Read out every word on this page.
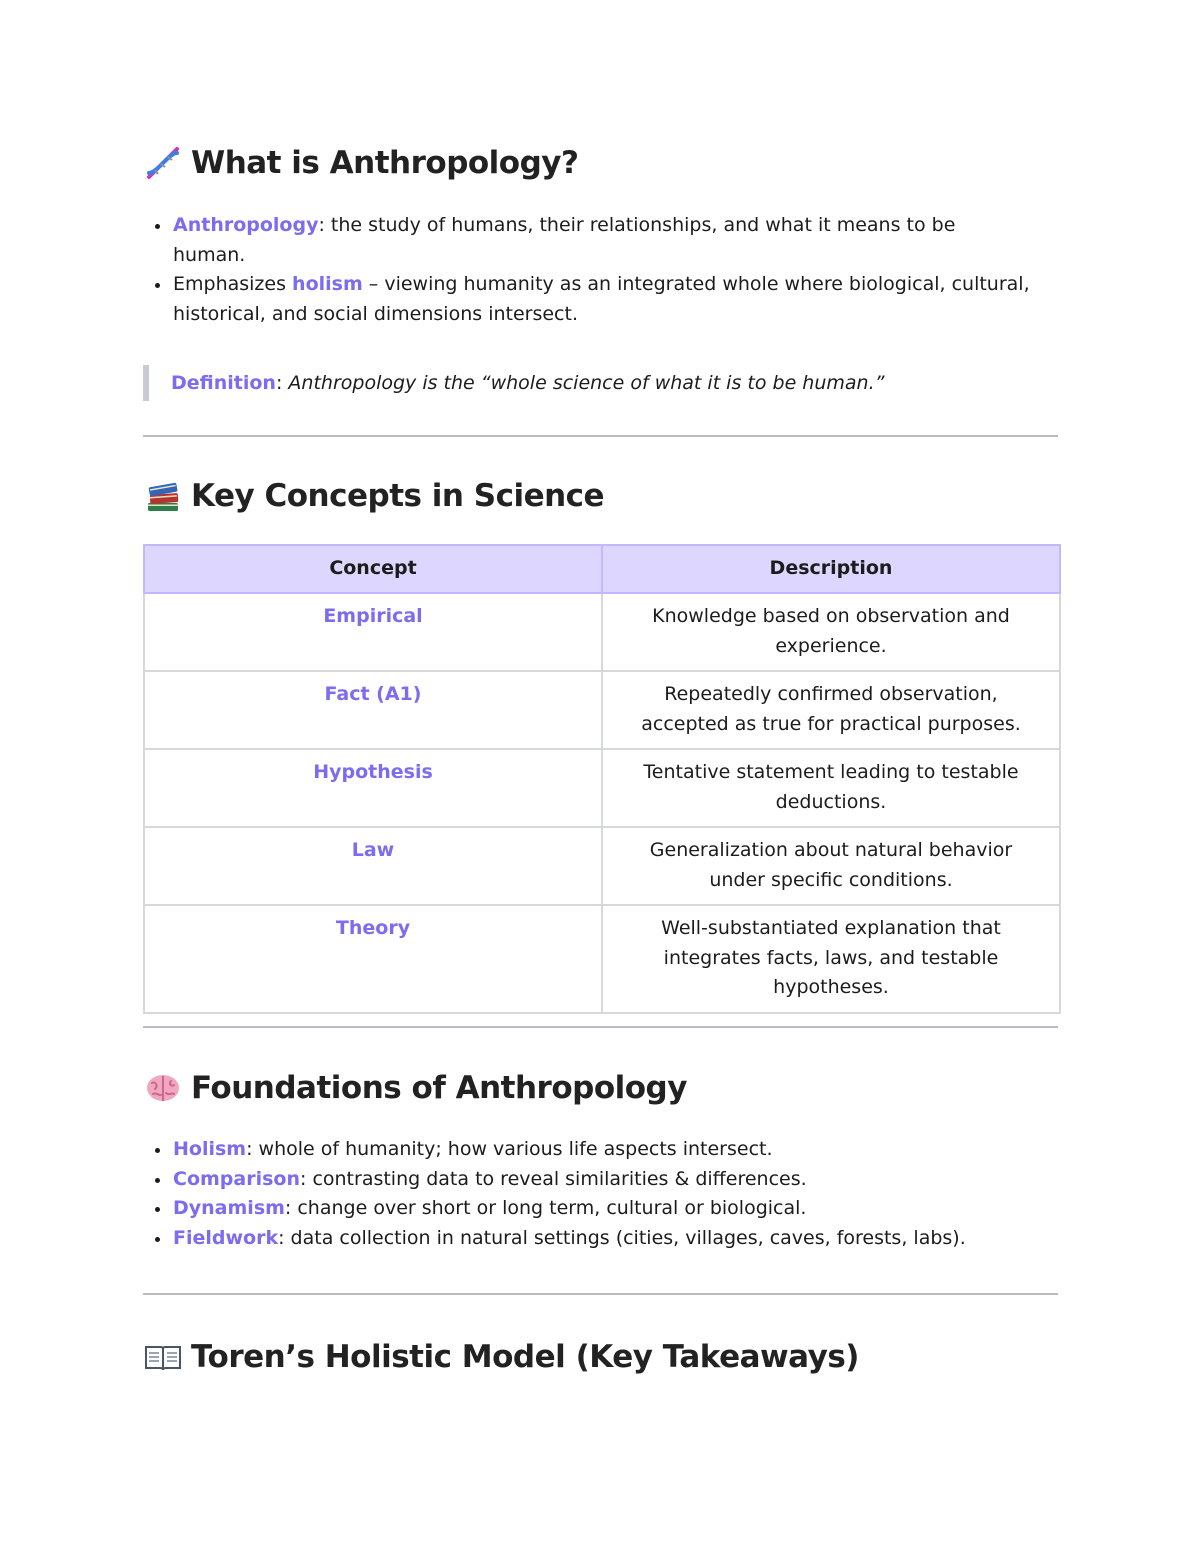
What is Anthropology?
Anthropology: the study of humans, their relationships, and what it means to be human.
Emphasizes holism – viewing humanity as an integrated whole where biological, cultural, historical, and social dimensions intersect.
Definition: Anthropology is the “whole science of what it is to be human.”
Key Concepts in Science
Concept	Description
Empirical	Knowledge based on observation and experience.
Fact (A1)	Repeatedly confirmed observation, accepted as true for practical purposes.
Hypothesis	Tentative statement leading to testable deductions.
Law	Generalization about natural behavior under specific conditions.
Theory	Well-substantiated explanation that integrates facts, laws, and testable hypotheses.
Foundations of Anthropology
Holism: whole of humanity; how various life aspects intersect.
Comparison: contrasting data to reveal similarities & differences.
Dynamism: change over short or long term, cultural or biological.
Fieldwork: data collection in natural settings (cities, villages, caves, forests, labs).
Toren’s Holistic Model (Key Takeaways)
